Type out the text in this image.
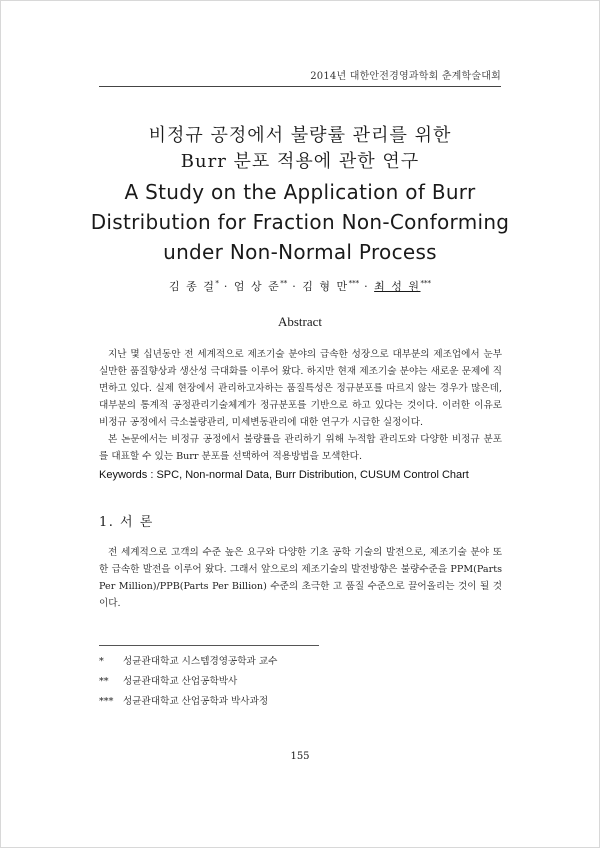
2014년 대한안전경영과학회 춘계학술대회
비정규 공정에서 불량률 관리를 위한
Burr 분포 적용에 관한 연구
A Study on the Application of Burr
Distribution for Fraction Non-Conforming
under Non-Normal Process
김 종 걸* · 엄 상 준** · 김 형 만*** · 최 성 원***
Abstract

지난 몇 십년동안 전 세계적으로 제조기술 분야의 급속한 성장으로 대부분의 제조업에서 눈부실만한 품질향상과 생산성 극대화를 이루어 왔다. 하지만 현재 제조기술 분야는 새로운 문제에 직면하고 있다. 실제 현장에서 관리하고자하는 품질특성은 정규분포를 따르지 않는 경우가 많은데, 대부분의 통계적 공정관리기술체계가 정규분포를 기반으로 하고 있다는 것이다. 이러한 이유로 비정규 공정에서 극소불량관리, 미세변동관리에 대한 연구가 시급한 실정이다.

본 논문에서는 비정규 공정에서 불량률을 관리하기 위해 누적합 관리도와 다양한 비정규 분포를 대표할 수 있는 Burr 분포를 선택하여 적용방법을 모색한다.

Keywords : SPC, Non-normal Data, Burr Distribution, CUSUM Control Chart
1. 서 론

전 세계적으로 고객의 수준 높은 요구와 다양한 기초 공학 기술의 발전으로, 제조기술 분야 또한 급속한 발전을 이루어 왔다. 그래서 앞으로의 제조기술의 발전방향은 불량수준을 PPM(Parts Per Million)/PPB(Parts Per Billion) 수준의 초극한 고 품질 수준으로 끌어올리는 것이 될 것이다.

*	성균관대학교 시스템경영공학과 교수
**	성균관대학교 산업공학박사
***	성균관대학교 산업공학과 박사과정
155
